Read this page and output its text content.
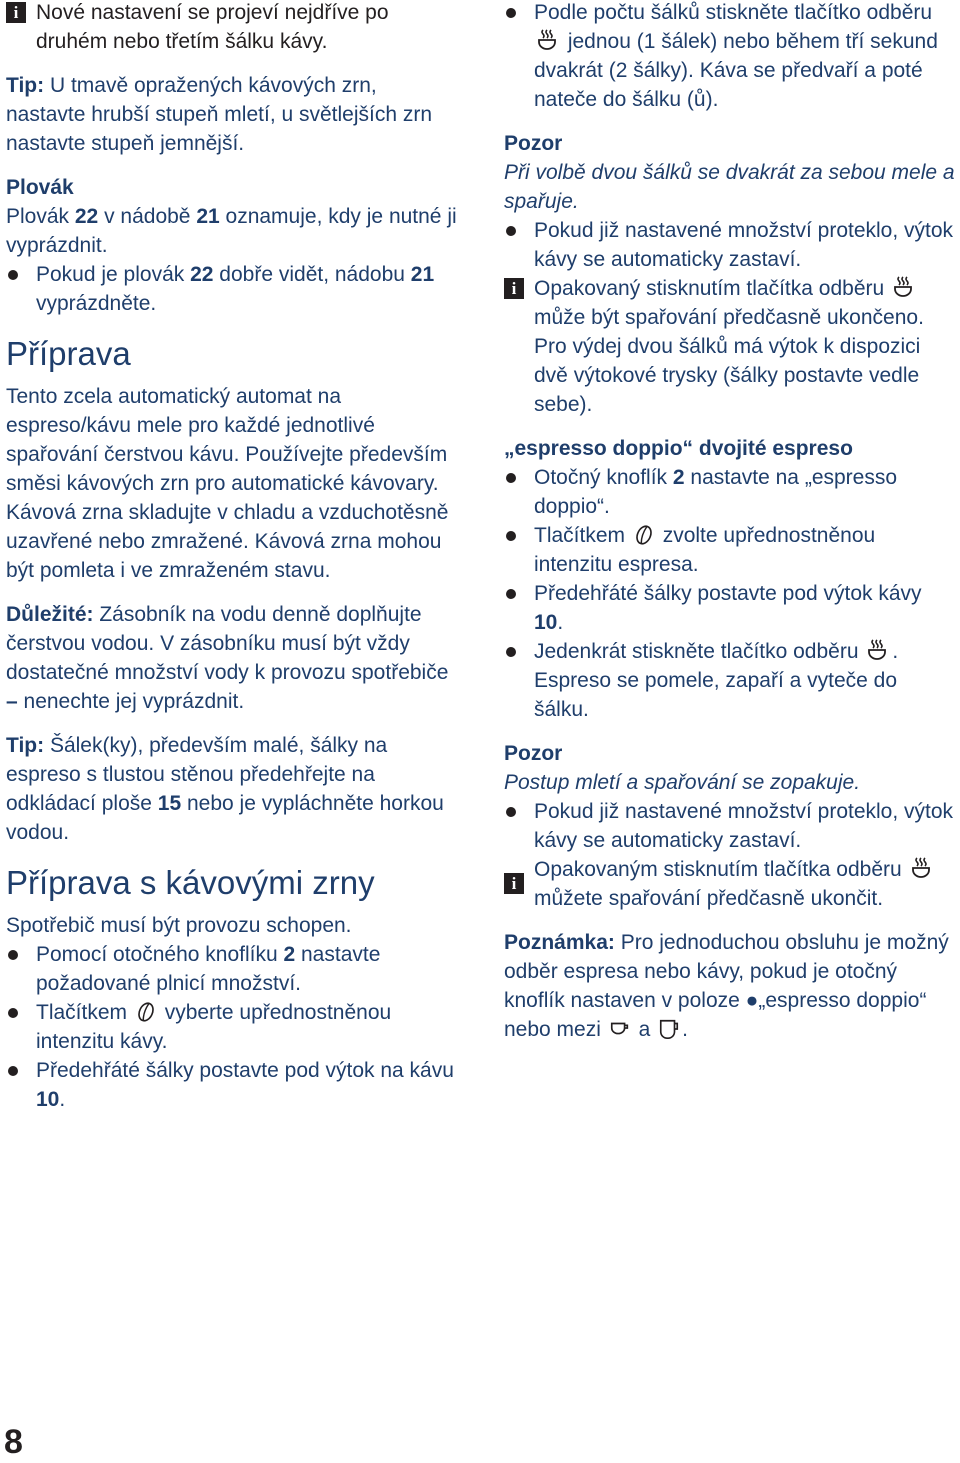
i Nové nastavení se projeví nejdříve po druhém nebo třetím šálku kávy.

Tip: U tmavě opražených kávových zrn, nastavte hrubší stupeň mletí, u světlejších zrn nastavte stupeň jemnější.

Plovák

Plovák 22 v nádobě 21 oznamuje, kdy je nutné ji vyprázdnit.

Pokud je plovák 22 dobře vidět, nádobu 21 vyprázdněte.

Příprava

Tento zcela automatický automat na espreso/kávu mele pro každé jednotlivé spařování čerstvou kávu. Používejte především směsi kávových zrn pro automatické kávovary. Kávová zrna skladujte v chladu a vzduchotěsně uzavřené nebo zmražené. Kávová zrna mohou být pomleta i ve zmraženém stavu.

Důležité: Zásobník na vodu denně doplňujte čerstvou vodou. V zásobníku musí být vždy dostatečné množství vody k provozu spotřebiče – nenechte jej vyprázdnit.

Tip: Šálek(ky), především malé, šálky na espreso s tlustou stěnou předehřejte na odkládací ploše 15 nebo je vypláchněte horkou vodou.

Příprava s kávovými zrny

Spotřebič musí být provozu schopen.

Pomocí otočného knoflíku 2 nastavte požadované plnicí množství.

Tlačítkem  vyberte upřednostněnou intenzitu kávy.

Předehřáté šálky postavte pod výtok na kávu 10.

Podle počtu šálků stiskněte tlačítko odběru  jednou (1 šálek) nebo během tří sekund dvakrát (2 šálky). Káva se předvaří a poté nateče do šálku (ů).

Pozor

Při volbě dvou šálků se dvakrát za sebou mele a spařuje.

Pokud již nastavené množství proteklo, výtok kávy se automaticky zastaví.

i Opakovaný stisknutím tlačítka odběru  může být spařování předčasně ukončeno. Pro výdej dvou šálků má výtok k dispozici dvě výtokové trysky (šálky postavte vedle sebe).

„espresso doppio“ dvojité espreso

Otočný knoflík 2 nastavte na „espresso doppio“.

Tlačítkem  zvolte upřednostněnou intenzitu espresa.

Předehřáté šálky postavte pod výtok kávy 10.

Jedenkrát stiskněte tlačítko odběru . Espreso se pomele, zapaří a vyteče do šálku.

Pozor

Postup mletí a spařování se zopakuje.

Pokud již nastavené množství proteklo, výtok kávy se automaticky zastaví.

i
Opakovaným stisknutím tlačítka odběru  můžete spařování předčasně ukončit.

Poznámka: Pro jednoduchou obsluhu je možný odběr espresa nebo kávy, pokud je otočný knoflík nastaven v poloze ●„espresso doppio“ nebo mezi  a .

8
